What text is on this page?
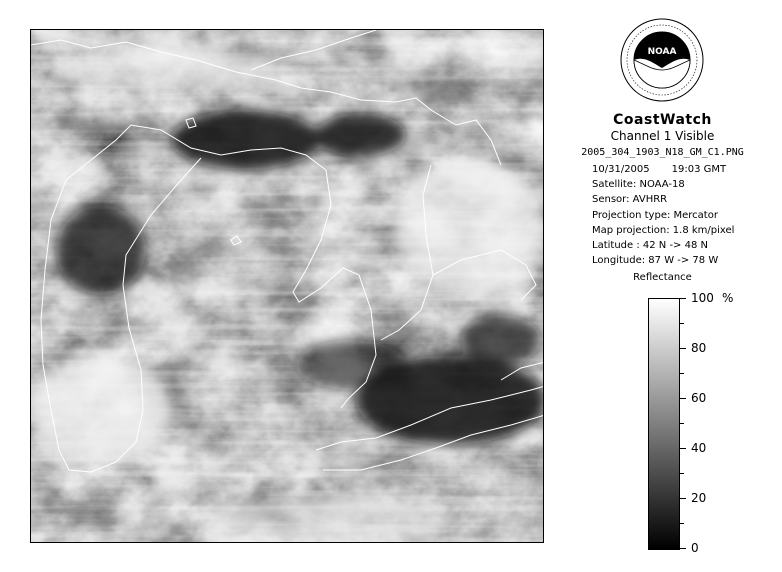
NOAA
CoastWatch
Channel 1 Visible
2005_304_1903_N18_GM_C1.PNG
10/31/2005 19:03 GMT
Satellite: NOAA-18
Sensor: AVHRR
Projection type: Mercator
Map projection: 1.8 km/pixel
Latitude : 42 N -> 48 N
Longitude: 87 W -> 78 W
Reflectance
%
100
80
60
40
20
0
